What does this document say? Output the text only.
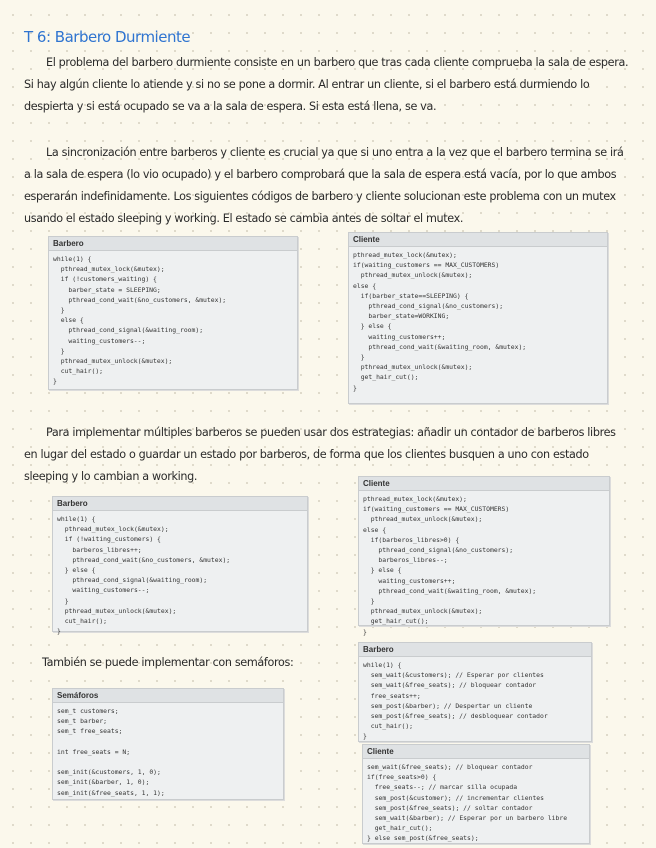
T 6: Barbero Durmiente

El problema del barbero durmiente consiste en un barbero que tras cada cliente comprueba la sala de espera. Si hay algún cliente lo atiende y si no se pone a dormir. Al entrar un cliente, si el barbero está durmiendo lo despierta y si está ocupado se va a la sala de espera. Si esta está llena, se va.

La sincronización entre barberos y cliente es crucial ya que si uno entra a la vez que el barbero termina se irá a la sala de espera (lo vio ocupado) y el barbero comprobará que la sala de espera está vacía, por lo que ambos esperarán indefinidamente. Los siguientes códigos de barbero y cliente solucionan este problema con un mutex usando el estado sleeping y working. El estado se cambia antes de soltar el mutex.

Para implementar múltiples barberos se pueden usar dos estrategias: añadir un contador de barberos libres en lugar del estado o guardar un estado por barberos, de forma que los clientes busquen a uno con estado sleeping y lo cambian a working.

También se puede implementar con semáforos:

Barbero
while(1) {
pthread_mutex_lock(&mutex);
if (!customers_waiting) {
barber_state = SLEEPING;
pthread_cond_wait(&no_customers, &mutex);
}
else {
pthread_cond_signal(&waiting_room);
waiting_customers--;
}
pthread_mutex_unlock(&mutex);
cut_hair();
}

Cliente
pthread_mutex_lock(&mutex);
if(waiting_customers == MAX_CUSTOMERS)
pthread_mutex_unlock(&mutex);
else {
if(barber_state==SLEEPING) {
pthread_cond_signal(&no_customers);
barber_state=WORKING;
} else {
waiting_customers++;
pthread_cond_wait(&waiting_room, &mutex);
}
pthread_mutex_unlock(&mutex);
get_hair_cut();
}

Barbero
while(1) {
pthread_mutex_lock(&mutex);
if (!waiting_customers) {
barberos_libres++;
pthread_cond_wait(&no_customers, &mutex);
} else {
pthread_cond_signal(&waiting_room);
waiting_customers--;
}
pthread_mutex_unlock(&mutex);
cut_hair();
}

Cliente
pthread_mutex_lock(&mutex);
if(waiting_customers == MAX_CUSTOMERS)
pthread_mutex_unlock(&mutex);
else {
if(barberos_libres>0) {
pthread_cond_signal(&no_customers);
barberos_libres--;
} else {
waiting_customers++;
pthread_cond_wait(&waiting_room, &mutex);
}
pthread_mutex_unlock(&mutex);
get_hair_cut();
}

Semáforos
sem_t customers;
sem_t barber;
sem_t free_seats;

int free_seats = N;

sem_init(&customers, 1, 0);
sem_init(&barber, 1, 0);
sem_init(&free_seats, 1, 1);

Barbero
while(1) {
sem_wait(&customers); // Esperar por clientes
sem_wait(&free_seats); // bloquear contador
free_seats++;
sem_post(&barber); // Despertar un cliente
sem_post(&free_seats); // desbloquear contador
cut_hair();
}

Cliente
sem_wait(&free_seats); // bloquear contador
if(free_seats>0) {
free_seats--; // marcar silla ocupada
sem_post(&customer); // incrementar clientes
sem_post(&free_seats); // soltar contador
sem_wait(&barber); // Esperar por un barbero libre
get_hair_cut();
} else sem_post(&free_seats);
